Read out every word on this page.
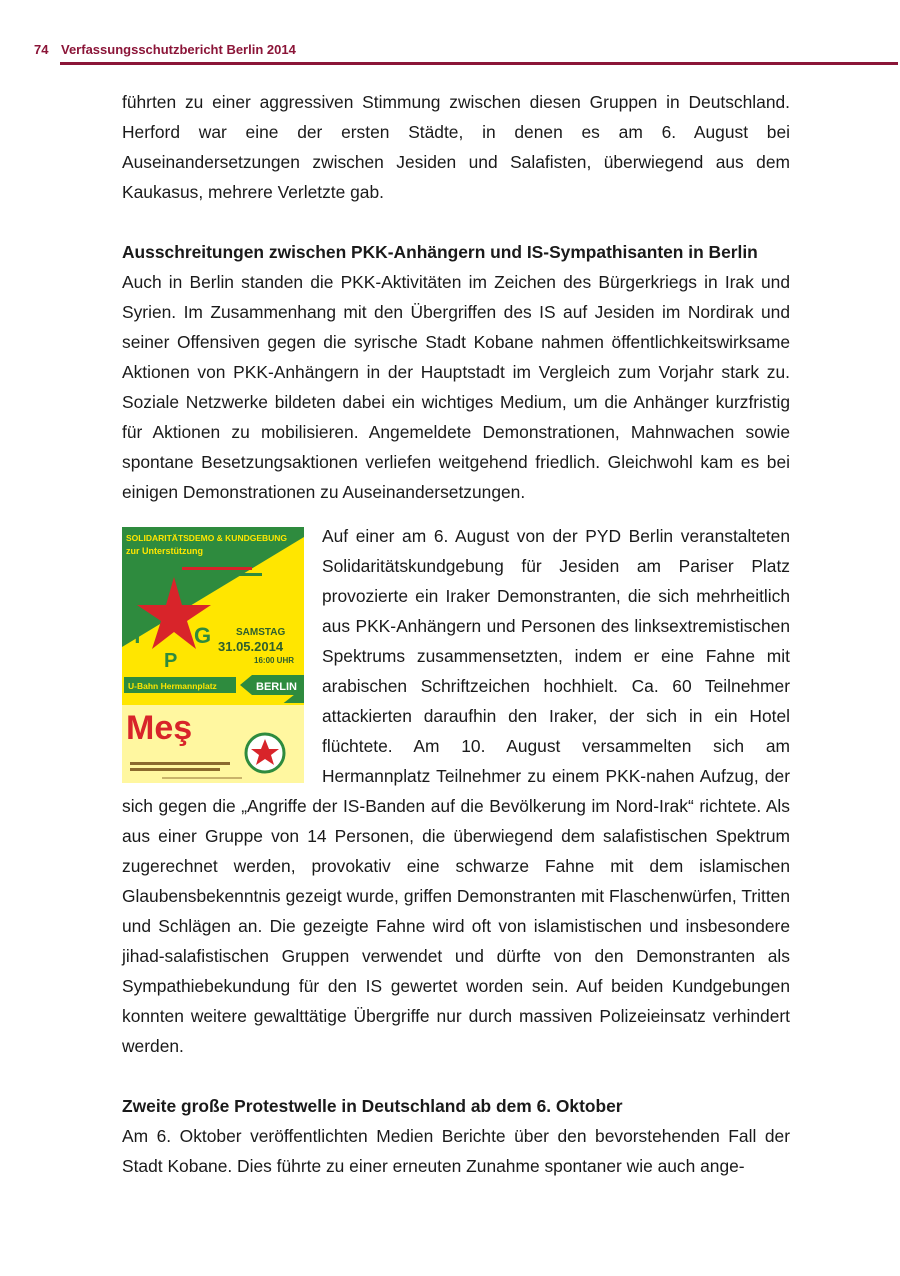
74 Verfassungsschutzbericht Berlin 2014

führten zu einer aggressiven Stimmung zwischen diesen Gruppen in Deutschland. Herford war eine der ersten Städte, in denen es am 6. August bei Auseinandersetzungen zwischen Jesiden und Salafisten, überwiegend aus dem Kaukasus, mehrere Verletzte gab.

Ausschreitungen zwischen PKK-Anhängern und IS-Sympathisanten in Berlin

Auch in Berlin standen die PKK-Aktivitäten im Zeichen des Bürgerkriegs in Irak und Syrien. Im Zusammenhang mit den Übergriffen des IS auf Jesiden im Nordirak und seiner Offensiven gegen die syrische Stadt Kobane nahmen öffentlichkeitswirksame Aktionen von PKK-Anhängern in der Hauptstadt im Vergleich zum Vorjahr stark zu. Soziale Netzwerke bildeten dabei ein wichtiges Medium, um die Anhänger kurzfristig für Aktionen zu mobilisieren. Angemeldete Demonstrationen, Mahnwachen sowie spontane Besetzungsaktionen verliefen weitgehend friedlich. Gleichwohl kam es bei einigen Demonstrationen zu Auseinandersetzungen.

SOLIDARITÄTSDEMO & KUNDGEBUNG
zur Unterstützung
Y G
P
SAMSTAG
31.05.2014
16:00 UHR
U-Bahn Hermannplatz	BERLIN
Meş

Auf einer am 6. August von der PYD Berlin veranstalteten Solidaritätskundgebung für Jesiden am Pariser Platz provozierte ein Iraker Demonstranten, die sich mehrheitlich aus PKK-Anhängern und Personen des linksextremistischen Spektrums zusammensetzten, indem er eine Fahne mit arabischen Schriftzeichen hochhielt. Ca. 60 Teilnehmer attackierten daraufhin den Iraker, der sich in ein Hotel flüchtete. Am 10. August versammelten sich am Hermannplatz Teilnehmer zu einem PKK-nahen Aufzug, der sich gegen die „Angriffe der IS-Banden auf die Bevölkerung im Nord-Irak“ richtete. Als aus einer Gruppe von 14 Personen, die überwiegend dem salafistischen Spektrum zugerechnet werden, provokativ eine schwarze Fahne mit dem islamischen Glaubensbekenntnis gezeigt wurde, griffen Demonstranten mit Flaschenwürfen, Tritten und Schlägen an. Die gezeigte Fahne wird oft von islamistischen und insbesondere jihad-salafistischen Gruppen verwendet und dürfte von den Demonstranten als Sympathiebekundung für den IS gewertet worden sein. Auf beiden Kundgebungen konnten weitere gewalttätige Übergriffe nur durch massiven Polizeieinsatz verhindert werden.

Zweite große Protestwelle in Deutschland ab dem 6. Oktober

Am 6. Oktober veröffentlichten Medien Berichte über den bevorstehenden Fall der Stadt Kobane. Dies führte zu einer erneuten Zunahme spontaner wie auch ange-
